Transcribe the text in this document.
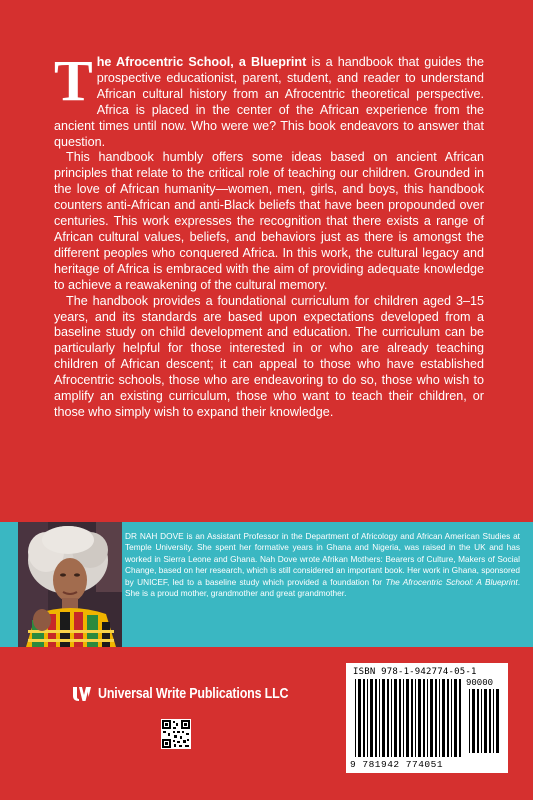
The Afrocentric School, a Blueprint is a handbook that guides the prospective educationist, parent, student, and reader to understand African cultural history from an Afrocentric theoretical perspective. Africa is placed in the center of the African experience from the ancient times until now. Who were we? This book endeavors to answer that question.

This handbook humbly offers some ideas based on ancient African principles that relate to the critical role of teaching our children. Grounded in the love of African humanity—women, men, girls, and boys, this handbook counters anti-African and anti-Black beliefs that have been propounded over centuries. This work expresses the recognition that there exists a range of African cultural values, beliefs, and behaviors just as there is amongst the different peoples who conquered Africa. In this work, the cultural legacy and heritage of Africa is embraced with the aim of providing adequate knowledge to achieve a reawakening of the cultural memory.

The handbook provides a foundational curriculum for children aged 3–15 years, and its standards are based upon expectations developed from a baseline study on child development and education. The curriculum can be particularly helpful for those interested in or who are already teaching children of African descent; it can appeal to those who have established Afrocentric schools, those who are endeavoring to do so, those who wish to amplify an existing curriculum, those who want to teach their children, or those who simply wish to expand their knowledge.

DR NAH DOVE is an Assistant Professor in the Department of Africology and African American Studies at Temple University. She spent her formative years in Ghana and Nigeria, was raised in the UK and has worked in Sierra Leone and Ghana. Nah Dove wrote Afrikan Mothers: Bearers of Culture, Makers of Social Change, based on her research, which is still considered an important book. Her work in Ghana, sponsored by UNICEF, led to a baseline study which provided a foundation for The Afrocentric School: A Blueprint. She is a proud mother, grandmother and great grandmother.
Universal Write Publications LLC
ISBN 978-1-942774-05-1
90000
9 781942 774051
